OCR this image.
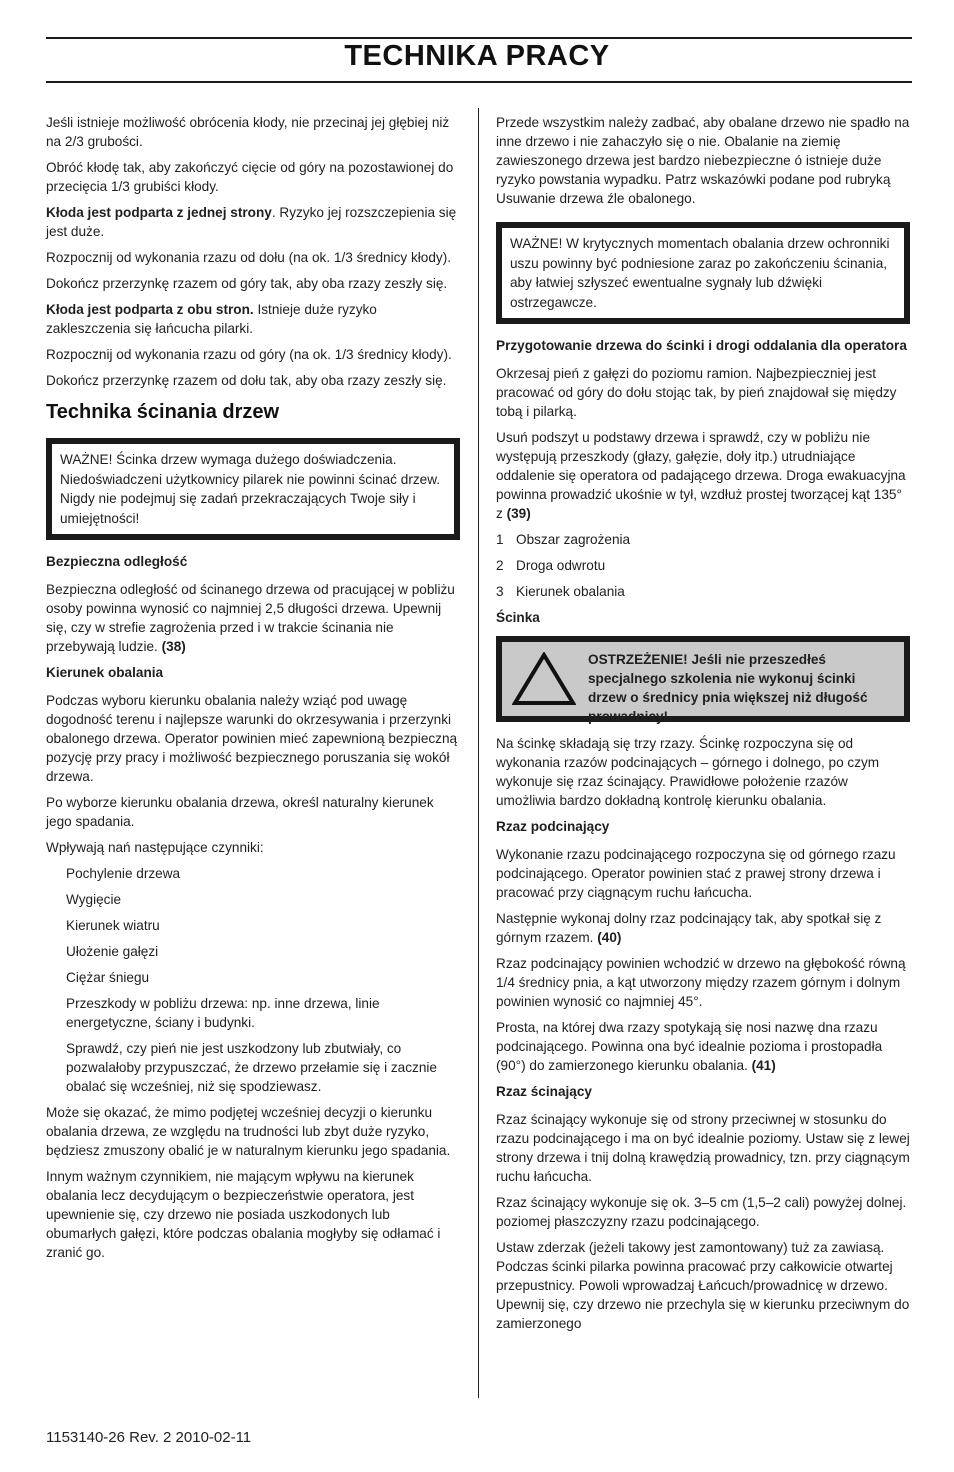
TECHNIKA PRACY

Jeśli istnieje możliwość obrócenia kłody, nie przecinaj jej głębiej niż na 2/3 grubości.

Obróć kłodę tak, aby zakończyć cięcie od góry na pozostawionej do przecięcia 1/3 grubiści kłody.

Kłoda jest podparta z jednej strony. Ryzyko jej rozszczepienia się jest duże.

Rozpocznij od wykonania rzazu od dołu (na ok. 1/3 średnicy kłody).

Dokończ przerzynkę rzazem od góry tak, aby oba rzazy zeszły się.

Kłoda jest podparta z obu stron. Istnieje duże ryzyko zakleszczenia się łańcucha pilarki.

Rozpocznij od wykonania rzazu od góry (na ok. 1/3 średnicy kłody).

Dokończ przerzynkę rzazem od dołu tak, aby oba rzazy zeszły się.

Technika ścinania drzew
WAŻNE! Ścinka drzew wymaga dużego doświadczenia. Niedoświadczeni użytkownicy pilarek nie powinni ścinać drzew. Nigdy nie podejmuj się zadań przekraczających Twoje siły i umiejętności!
Bezpieczna odległość

Bezpieczna odległość od ścinanego drzewa od pracującej w pobliżu osoby powinna wynosić co najmniej 2,5 długości drzewa. Upewnij się, czy w strefie zagrożenia przed i w trakcie ścinania nie przebywają ludzie. (38)

Kierunek obalania

Podczas wyboru kierunku obalania należy wziąć pod uwagę dogodność terenu i najlepsze warunki do okrzesywania i przerzynki obalonego drzewa. Operator powinien mieć zapewnioną bezpieczną pozycję przy pracy i możliwość bezpiecznego poruszania się wokół drzewa.

Po wyborze kierunku obalania drzewa, określ naturalny kierunek jego spadania.

Wpływają nań następujące czynniki:

Pochylenie drzewa
Wygięcie
Kierunek wiatru
Ułożenie gałęzi
Ciężar śniegu
Przeszkody w pobliżu drzewa: np. inne drzewa, linie energetyczne, ściany i budynki.
Sprawdź, czy pień nie jest uszkodzony lub zbutwiały, co pozwalałoby przypuszczać, że drzewo przełamie się i zacznie obalać się wcześniej, niż się spodziewasz.

Może się okazać, że mimo podjętej wcześniej decyzji o kierunku obalania drzewa, ze względu na trudności lub zbyt duże ryzyko, będziesz zmuszony obalić je w naturalnym kierunku jego spadania.

Innym ważnym czynnikiem, nie mającym wpływu na kierunek obalania lecz decydującym o bezpieczeństwie operatora, jest upewnienie się, czy drzewo nie posiada uszkodonych lub obumarłych gałęzi, które podczas obalania mogłyby się odłamać i zranić go.

Przede wszystkim należy zadbać, aby obalane drzewo nie spadło na inne drzewo i nie zahaczyło się o nie. Obalanie na ziemię zawieszonego drzewa jest bardzo niebezpieczne ó istnieje duże ryzyko powstania wypadku. Patrz wskazówki podane pod rubryką Usuwanie drzewa źle obalonego.

WAŻNE! W krytycznych momentach obalania drzew ochronniki uszu powinny być podniesione zaraz po zakończeniu ścinania, aby łatwiej szłyszeć ewentualne sygnały lub dźwięki ostrzegawcze.
Przygotowanie drzewa do ścinki i drogi oddalania dla operatora

Okrzesaj pień z gałęzi do poziomu ramion. Najbezpieczniej jest pracować od góry do dołu stojąc tak, by pień znajdował się między tobą i pilarką.

Usuń podszyt u podstawy drzewa i sprawdź, czy w pobliżu nie występują przeszkody (głazy, gałęzie, doły itp.) utrudniające oddalenie się operatora od padającego drzewa. Droga ewakuacyjna powinna prowadzić ukośnie w tył, wzdłuż prostej tworzącej kąt 135° z (39)

1 Obszar zagrożenia
2 Droga odwrotu
3 Kierunek obalania
Ścinka
OSTRZEŻENIE! Jeśli nie przeszedłeś specjalnego szkolenia nie wykonuj ścinki drzew o średnicy pnia większej niż długość prowadnicy!

Na ścinkę składają się trzy rzazy. Ścinkę rozpoczyna się od wykonania rzazów podcinających – górnego i dolnego, po czym wykonuje się rzaz ścinający. Prawidłowe położenie rzazów umożliwia bardzo dokładną kontrolę kierunku obalania.

Rzaz podcinający

Wykonanie rzazu podcinającego rozpoczyna się od górnego rzazu podcinającego. Operator powinien stać z prawej strony drzewa i pracować przy ciągnącym ruchu łańcucha.

Następnie wykonaj dolny rzaz podcinający tak, aby spotkał się z górnym rzazem. (40)

Rzaz podcinający powinien wchodzić w drzewo na głębokość równą 1/4 średnicy pnia, a kąt utworzony między rzazem górnym i dolnym powinien wynosić co najmniej 45°.

Prosta, na której dwa rzazy spotykają się nosi nazwę dna rzazu podcinającego. Powinna ona być idealnie pozioma i prostopadła (90°) do zamierzonego kierunku obalania. (41)

Rzaz ścinający

Rzaz ścinający wykonuje się od strony przeciwnej w stosunku do rzazu podcinającego i ma on być idealnie poziomy. Ustaw się z lewej strony drzewa i tnij dolną krawędzią prowadnicy, tzn. przy ciągnącym ruchu łańcucha.

Rzaz ścinający wykonuje się ok. 3–5 cm (1,5–2 cali) powyżej dolnej. poziomej płaszczyzny rzazu podcinającego.

Ustaw zderzak (jeżeli takowy jest zamontowany) tuż za zawiasą. Podczas ścinki pilarka powinna pracować przy całkowicie otwartej przepustnicy. Powoli wprowadzaj Łańcuch/prowadnicę w drzewo. Upewnij się, czy drzewo nie przechyla się w kierunku przeciwnym do zamierzonego

1153140-26 Rev. 2 2010-02-11
